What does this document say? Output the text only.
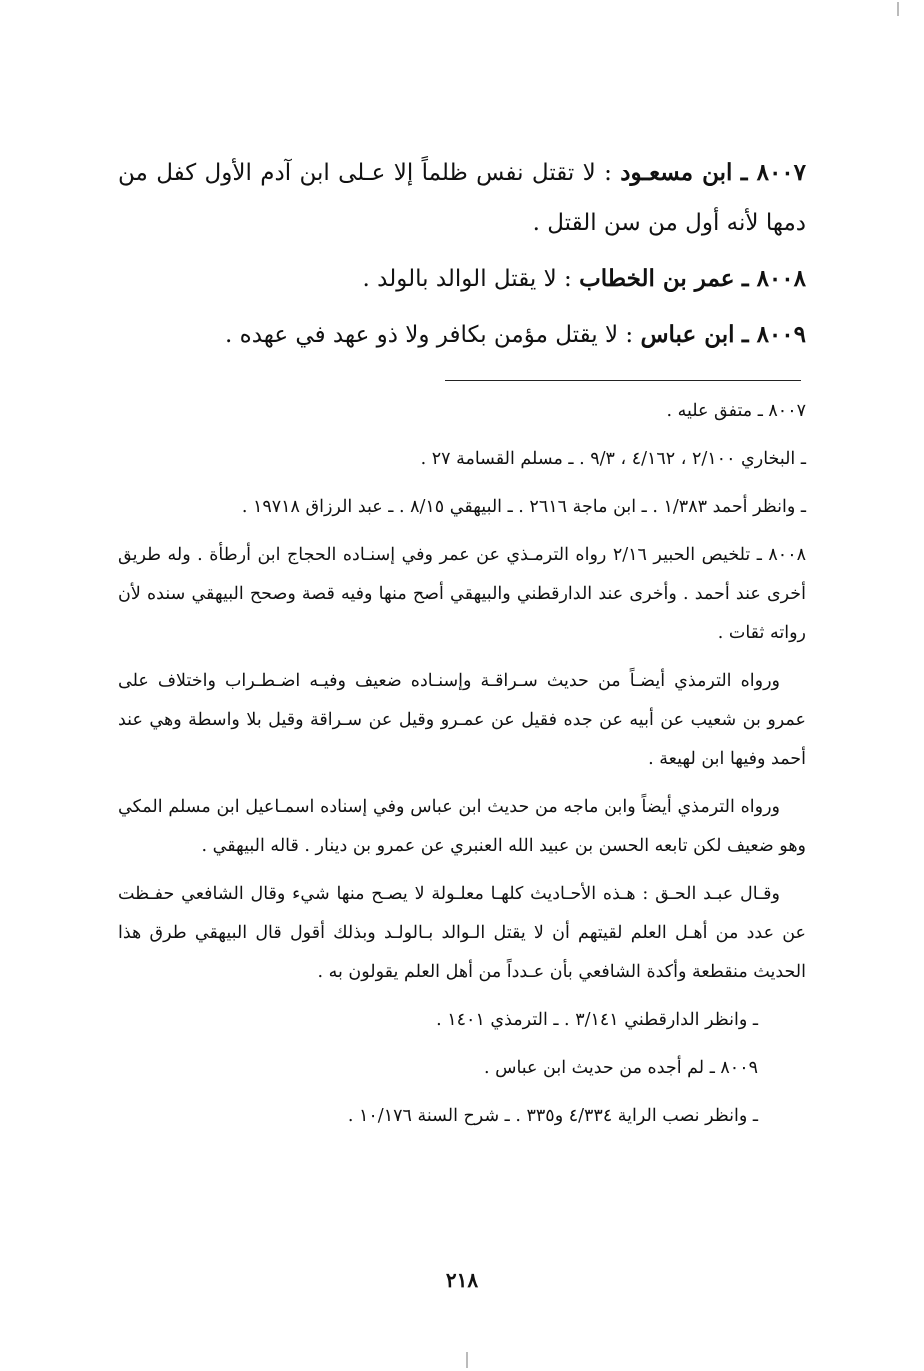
٨٠٠٧ ـ ابن مسعـود : لا تقتل نفس ظلماً إلا عـلى ابن آدم الأول كفل من دمها لأنه أول من سن القتل .

٨٠٠٨ ـ عمر بن الخطاب : لا يقتل الوالد بالولد .

٨٠٠٩ ـ ابن عباس : لا يقتل مؤمن بكافر ولا ذو عهد في عهده .

٨٠٠٧ ـ متفق عليه .

ـ البخاري ٢/١٠٠ ، ٤/١٦٢ ، ٩/٣ . ـ مسلم القسامة ٢٧ .

ـ وانظر أحمد ١/٣٨٣ . ـ ابن ماجة ٢٦١٦ . ـ البيهقي ٨/١٥ . ـ عبد الرزاق ١٩٧١٨ .

٨٠٠٨ ـ تلخيص الحبير ٢/١٦ رواه الترمـذي عن عمر وفي إسنـاده الحجاج ابن أرطأة . وله طريق أخرى عند أحمد . وأخرى عند الدارقطني والبيهقي أصح منها وفيه قصة وصحح البيهقي سنده لأن رواته ثقات .

ورواه الترمذي أيضـاً من حديث سـراقـة وإسنـاده ضعيف وفيـه اضـطـراب واختلاف على عمرو بن شعيب عن أبيه عن جده فقيل عن عمـرو وقيل عن سـراقة وقيل بلا واسطة وهي عند أحمد وفيها ابن لهيعة .

ورواه الترمذي أيضاً وابن ماجه من حديث ابن عباس وفي إسناده اسمـاعيل ابن مسلم المكي وهو ضعيف لكن تابعه الحسن بن عبيد الله العنبري عن عمرو بن دينار . قاله البيهقي .

وقـال عبـد الحـق : هـذه الأحـاديث كلهـا معلـولة لا يصـح منها شيء وقال الشافعي حفـظت عن عدد من أهـل العلم لقيتهم أن لا يقتل الـوالد بـالولـد وبذلك أقول قال البيهقي طرق هذا الحديث منقطعة وأكدة الشافعي بأن عـدداً من أهل العلم يقولون به .

ـ وانظر الدارقطني ٣/١٤١ . ـ الترمذي ١٤٠١ .

٨٠٠٩ ـ لم أجده من حديث ابن عباس .

ـ وانظر نصب الراية ٤/٣٣٤ و٣٣٥ . ـ شرح السنة ١٠/١٧٦ .

٢١٨
